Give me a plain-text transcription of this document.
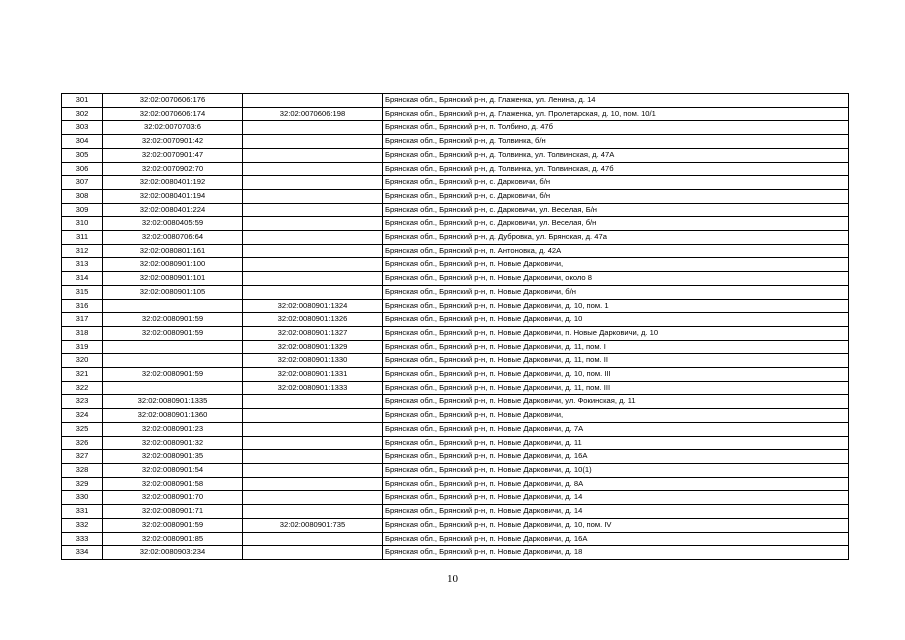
301	32:02:0070606:176		Брянская обл., Брянский р-н, д. Глаженка, ул. Ленина, д. 14
302	32:02:0070606:174	32:02:0070606:198	Брянская обл., Брянский р-н, д. Глаженка, ул. Пролетарская, д. 10, пом. 10/1
303	32:02:0070703:6		Брянская обл., Брянский р-н, п. Толбино, д. 47б
304	32:02:0070901:42		Брянская обл., Брянский р-н, д. Толвинка, б/н
305	32:02:0070901:47		Брянская обл., Брянский р-н, д. Толвинка, ул. Толвинская, д. 47А
306	32:02:0070902:70		Брянская обл., Брянский р-н, д. Толвинка, ул. Толвинская, д. 47б
307	32:02:0080401:192		Брянская обл., Брянский р-н, с. Дарковичи, б/н
308	32:02:0080401:194		Брянская обл., Брянский р-н, с. Дарковичи, б/н
309	32:02:0080401:224		Брянская обл., Брянский р-н, с. Дарковичи, ул. Веселая, Б/н
310	32:02:0080405:59		Брянская обл., Брянский р-н, с. Дарковичи, ул. Веселая, б/н
311	32:02:0080706:64		Брянская обл., Брянский р-н, д. Дубровка, ул. Брянская, д. 47а
312	32:02:0080801:161		Брянская обл., Брянский р-н, п. Антоновка, д. 42А
313	32:02:0080901:100		Брянская обл., Брянский р-н, п. Новые Дарковичи,
314	32:02:0080901:101		Брянская обл., Брянский р-н, п. Новые Дарковичи, около 8
315	32:02:0080901:105		Брянская обл., Брянский р-н, п. Новые Дарковичи, б/н
316		32:02:0080901:1324	Брянская обл., Брянский р-н, п. Новые Дарковичи, д. 10, пом. 1
317	32:02:0080901:59	32:02:0080901:1326	Брянская обл., Брянский р-н, п. Новые Дарковичи, д. 10
318	32:02:0080901:59	32:02:0080901:1327	Брянская обл., Брянский р-н, п. Новые Дарковичи, п. Новые Дарковичи, д. 10
319		32:02:0080901:1329	Брянская обл., Брянский р-н, п. Новые Дарковичи, д. 11, пом. I
320		32:02:0080901:1330	Брянская обл., Брянский р-н, п. Новые Дарковичи, д. 11, пом. II
321	32:02:0080901:59	32:02:0080901:1331	Брянская обл., Брянский р-н, п. Новые Дарковичи, д. 10, пом. III
322		32:02:0080901:1333	Брянская обл., Брянский р-н, п. Новые Дарковичи, д. 11, пом. III
323	32:02:0080901:1335		Брянская обл., Брянский р-н, п. Новые Дарковичи, ул. Фокинская, д. 11
324	32:02:0080901:1360		Брянская обл., Брянский р-н, п. Новые Дарковичи,
325	32:02:0080901:23		Брянская обл., Брянский р-н, п. Новые Дарковичи, д. 7А
326	32:02:0080901:32		Брянская обл., Брянский р-н, п. Новые Дарковичи, д. 11
327	32:02:0080901:35		Брянская обл., Брянский р-н, п. Новые Дарковичи, д. 16А
328	32:02:0080901:54		Брянская обл., Брянский р-н, п. Новые Дарковичи, д. 10(1)
329	32:02:0080901:58		Брянская обл., Брянский р-н, п. Новые Дарковичи, д. 8А
330	32:02:0080901:70		Брянская обл., Брянский р-н, п. Новые Дарковичи, д. 14
331	32:02:0080901:71		Брянская обл., Брянский р-н, п. Новые Дарковичи, д. 14
332	32:02:0080901:59	32:02:0080901:735	Брянская обл., Брянский р-н, п. Новые Дарковичи, д. 10, пом. IV
333	32:02:0080901:85		Брянская обл., Брянский р-н, п. Новые Дарковичи, д. 16А
334	32:02:0080903:234		Брянская обл., Брянский р-н, п. Новые Дарковичи, д. 18
10
